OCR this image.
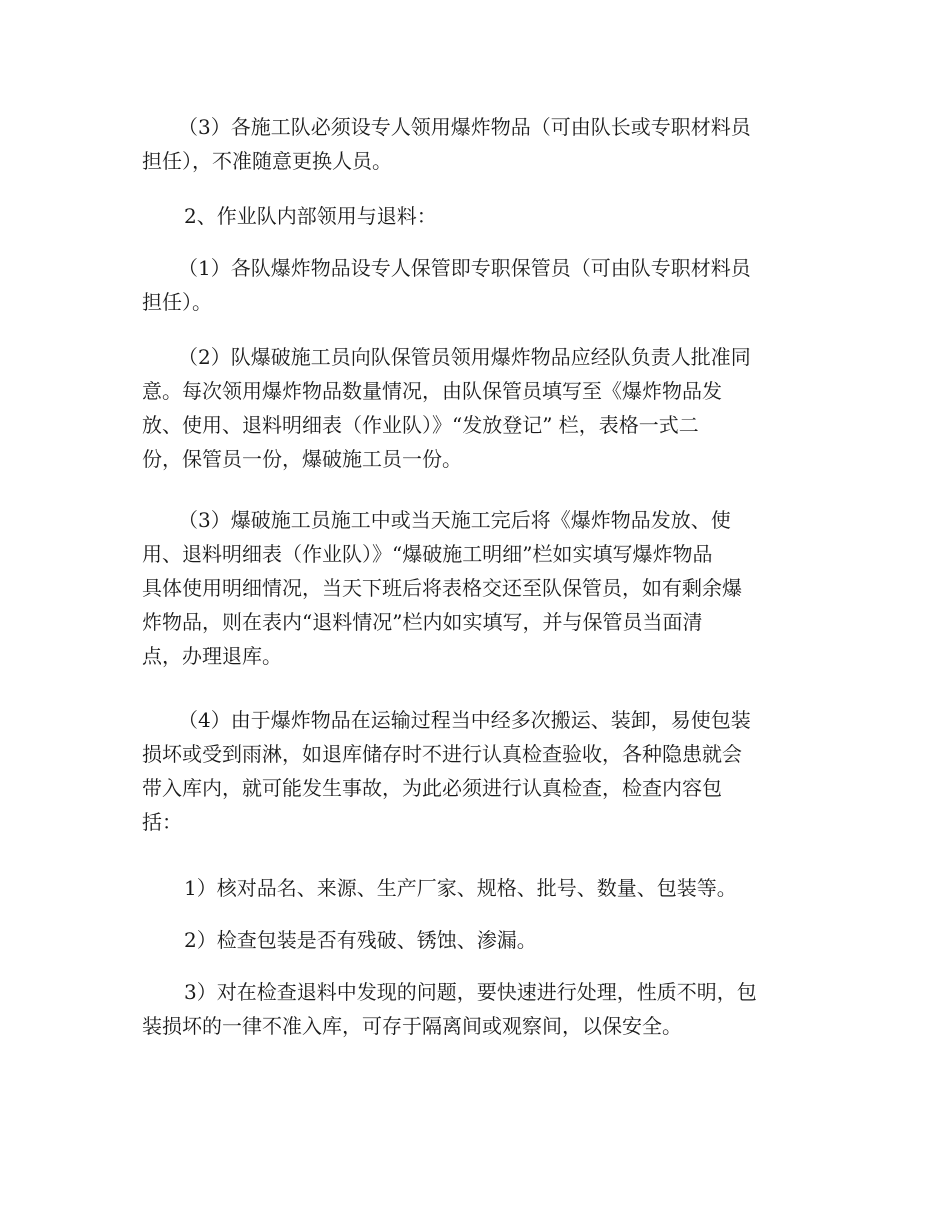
（3）各施工队必须设专人领用爆炸物品（可由队长或专职材料员
担任），不准随意更换人员。
2、作业队内部领用与退料：
（1）各队爆炸物品设专人保管即专职保管员（可由队专职材料员
担任）。
（2）队爆破施工员向队保管员领用爆炸物品应经队负责人批准同
意。每次领用爆炸物品数量情况，由队保管员填写至《爆炸物品发
放、使用、退料明细表（作业队）》“发放登记” 栏，表格一式二
份，保管员一份，爆破施工员一份。
（3）爆破施工员施工中或当天施工完后将《爆炸物品发放、使
用、退料明细表（作业队）》“爆破施工明细”栏如实填写爆炸物品
具体使用明细情况，当天下班后将表格交还至队保管员，如有剩余爆
炸物品，则在表内“退料情况”栏内如实填写，并与保管员当面清
点，办理退库。
（4）由于爆炸物品在运输过程当中经多次搬运、装卸，易使包装
损坏或受到雨淋，如退库储存时不进行认真检查验收，各种隐患就会
带入库内，就可能发生事故，为此必须进行认真检查，检查内容包
括：
1）核对品名、来源、生产厂家、规格、批号、数量、包装等。
2）检查包装是否有残破、锈蚀、渗漏。
3）对在检查退料中发现的问题，要快速进行处理，性质不明，包
装损坏的一律不准入库，可存于隔离间或观察间，以保安全。
